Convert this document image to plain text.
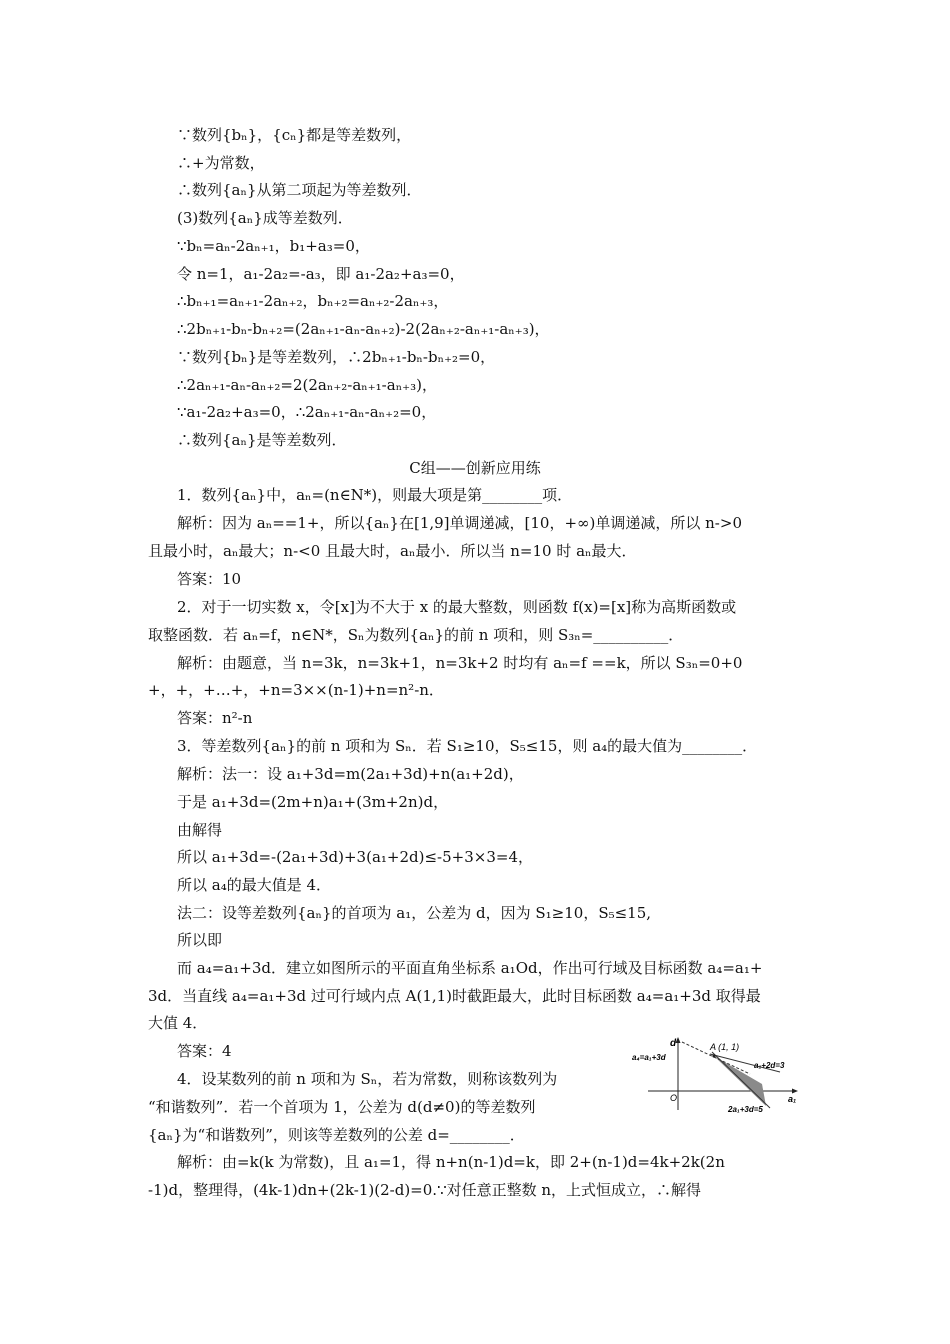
∵数列{bₙ}，{cₙ}都是等差数列，
∴+为常数，
∴数列{aₙ}从第二项起为等差数列．
(3)数列{aₙ}成等差数列．
∵bₙ=aₙ-2aₙ₊₁，b₁+a₃=0，
令 n=1，a₁-2a₂=-a₃，即 a₁-2a₂+a₃=0，
∴bₙ₊₁=aₙ₊₁-2aₙ₊₂，bₙ₊₂=aₙ₊₂-2aₙ₊₃，
∴2bₙ₊₁-bₙ-bₙ₊₂=(2aₙ₊₁-aₙ-aₙ₊₂)-2(2aₙ₊₂-aₙ₊₁-aₙ₊₃)，
∵数列{bₙ}是等差数列，∴2bₙ₊₁-bₙ-bₙ₊₂=0，
∴2aₙ₊₁-aₙ-aₙ₊₂=2(2aₙ₊₂-aₙ₊₁-aₙ₊₃)，
∵a₁-2a₂+a₃=0，∴2aₙ₊₁-aₙ-aₙ₊₂=0，
∴数列{aₙ}是等差数列．
C组——创新应用练
1．数列{aₙ}中，aₙ=(n∈N*)，则最大项是第________项．
解析：因为 aₙ==1+，所以{aₙ}在[1,9]单调递减，[10，+∞)单调递减，所以 n->0
且最小时，aₙ最大；n-<0 且最大时，aₙ最小．所以当 n=10 时 aₙ最大．
答案：10
2．对于一切实数 x，令[x]为不大于 x 的最大整数，则函数 f(x)=[x]称为高斯函数或
取整函数．若 aₙ=f，n∈N*，Sₙ为数列{aₙ}的前 n 项和，则 S₃ₙ=__________．
解析：由题意，当 n=3k，n=3k+1，n=3k+2 时均有 aₙ=f ==k，所以 S₃ₙ=0+0
+，+，+…+，+n=3××(n-1)+n=n²-n．
答案：n²-n
3．等差数列{aₙ}的前 n 项和为 Sₙ．若 S₁≥10，S₅≤15，则 a₄的最大值为________．
解析：法一：设 a₁+3d=m(2a₁+3d)+n(a₁+2d)，
于是 a₁+3d=(2m+n)a₁+(3m+2n)d，
由解得
所以 a₁+3d=-(2a₁+3d)+3(a₁+2d)≤-5+3×3=4，
所以 a₄的最大值是 4．
法二：设等差数列{aₙ}的首项为 a₁，公差为 d，因为 S₁≥10，S₅≤15,
所以即
而 a₄=a₁+3d．建立如图所示的平面直角坐标系 a₁Od，作出可行域及目标函数 a₄=a₁+
3d．当直线 a₄=a₁+3d 过可行域内点 A(1,1)时截距最大，此时目标函数 a₄=a₁+3d 取得最
大值 4．
答案：4
4．设某数列的前 n 项和为 Sₙ，若为常数，则称该数列为
“和谐数列”．若一个首项为 1，公差为 d(d≠0)的等差数列
{aₙ}为“和谐数列”，则该等差数列的公差 d=________．
解析：由=k(k 为常数)，且 a₁=1，得 n+n(n-1)d=k，即 2+(n-1)d=4k+2k(2n
-1)d，整理得，(4k-1)dn+(2k-1)(2-d)=0.∵对任意正整数 n，上式恒成立，∴解得
d
a₁
O
A (1, 1)
a₄=a₁+3d
a₁+2d=3
2a₁+3d=5
